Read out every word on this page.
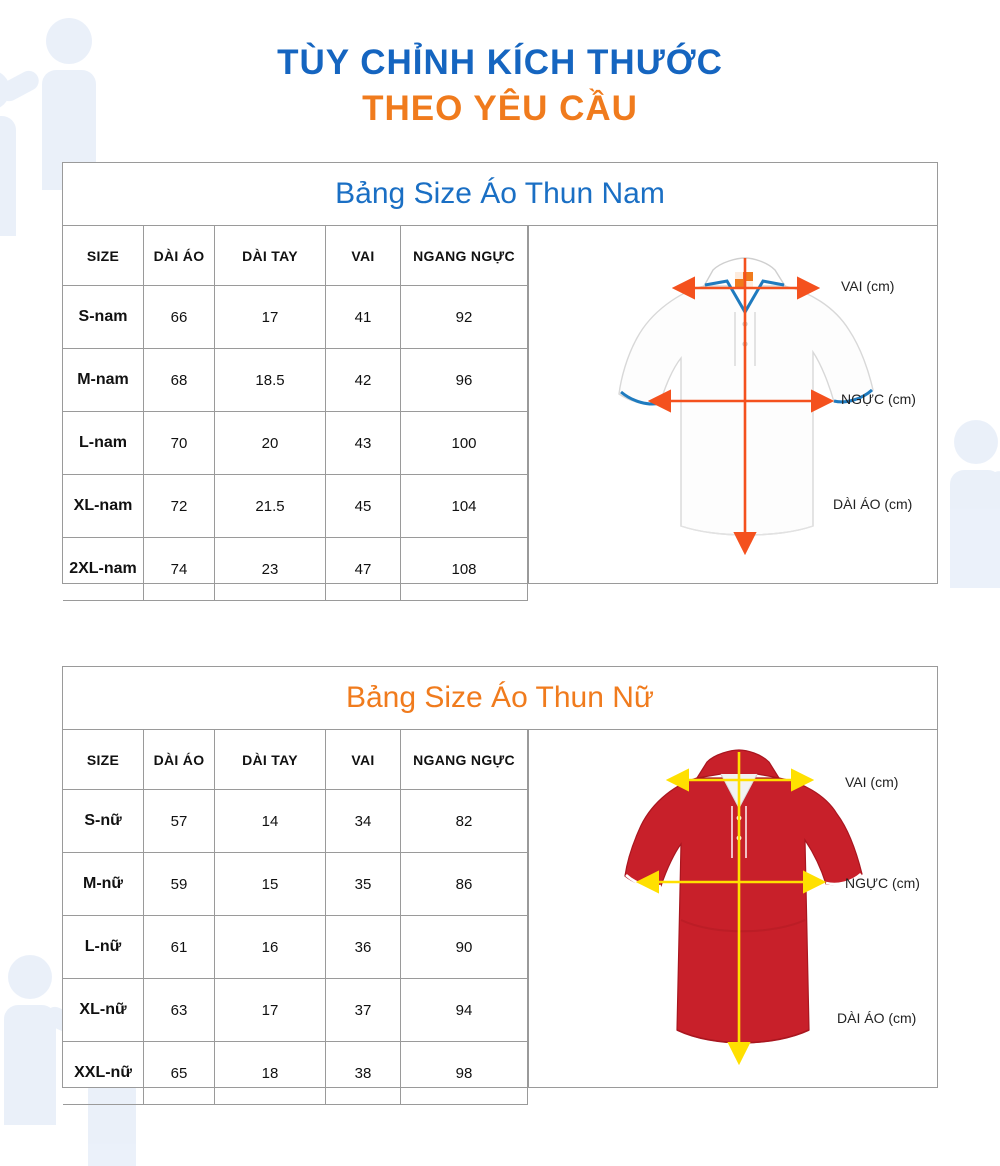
TÙY CHỈNH KÍCH THƯỚC
THEO YÊU CẦU
Bảng Size Áo Thun Nam
SIZE	DÀI ÁO	DÀI TAY	VAI	NGANG NGỰC
S-nam	66	17	41	92
M-nam	68	18.5	42	96
L-nam	70	20	43	100
XL-nam	72	21.5	45	104
2XL-nam	74	23	47	108
VAI (cm)
NGỰC (cm)
DÀI ÁO (cm)
Bảng Size Áo Thun Nữ
SIZE	DÀI ÁO	DÀI TAY	VAI	NGANG NGỰC
S-nữ	57	14	34	82
M-nữ	59	15	35	86
L-nữ	61	16	36	90
XL-nữ	63	17	37	94
XXL-nữ	65	18	38	98
VAI (cm)
NGỰC (cm)
DÀI ÁO (cm)
